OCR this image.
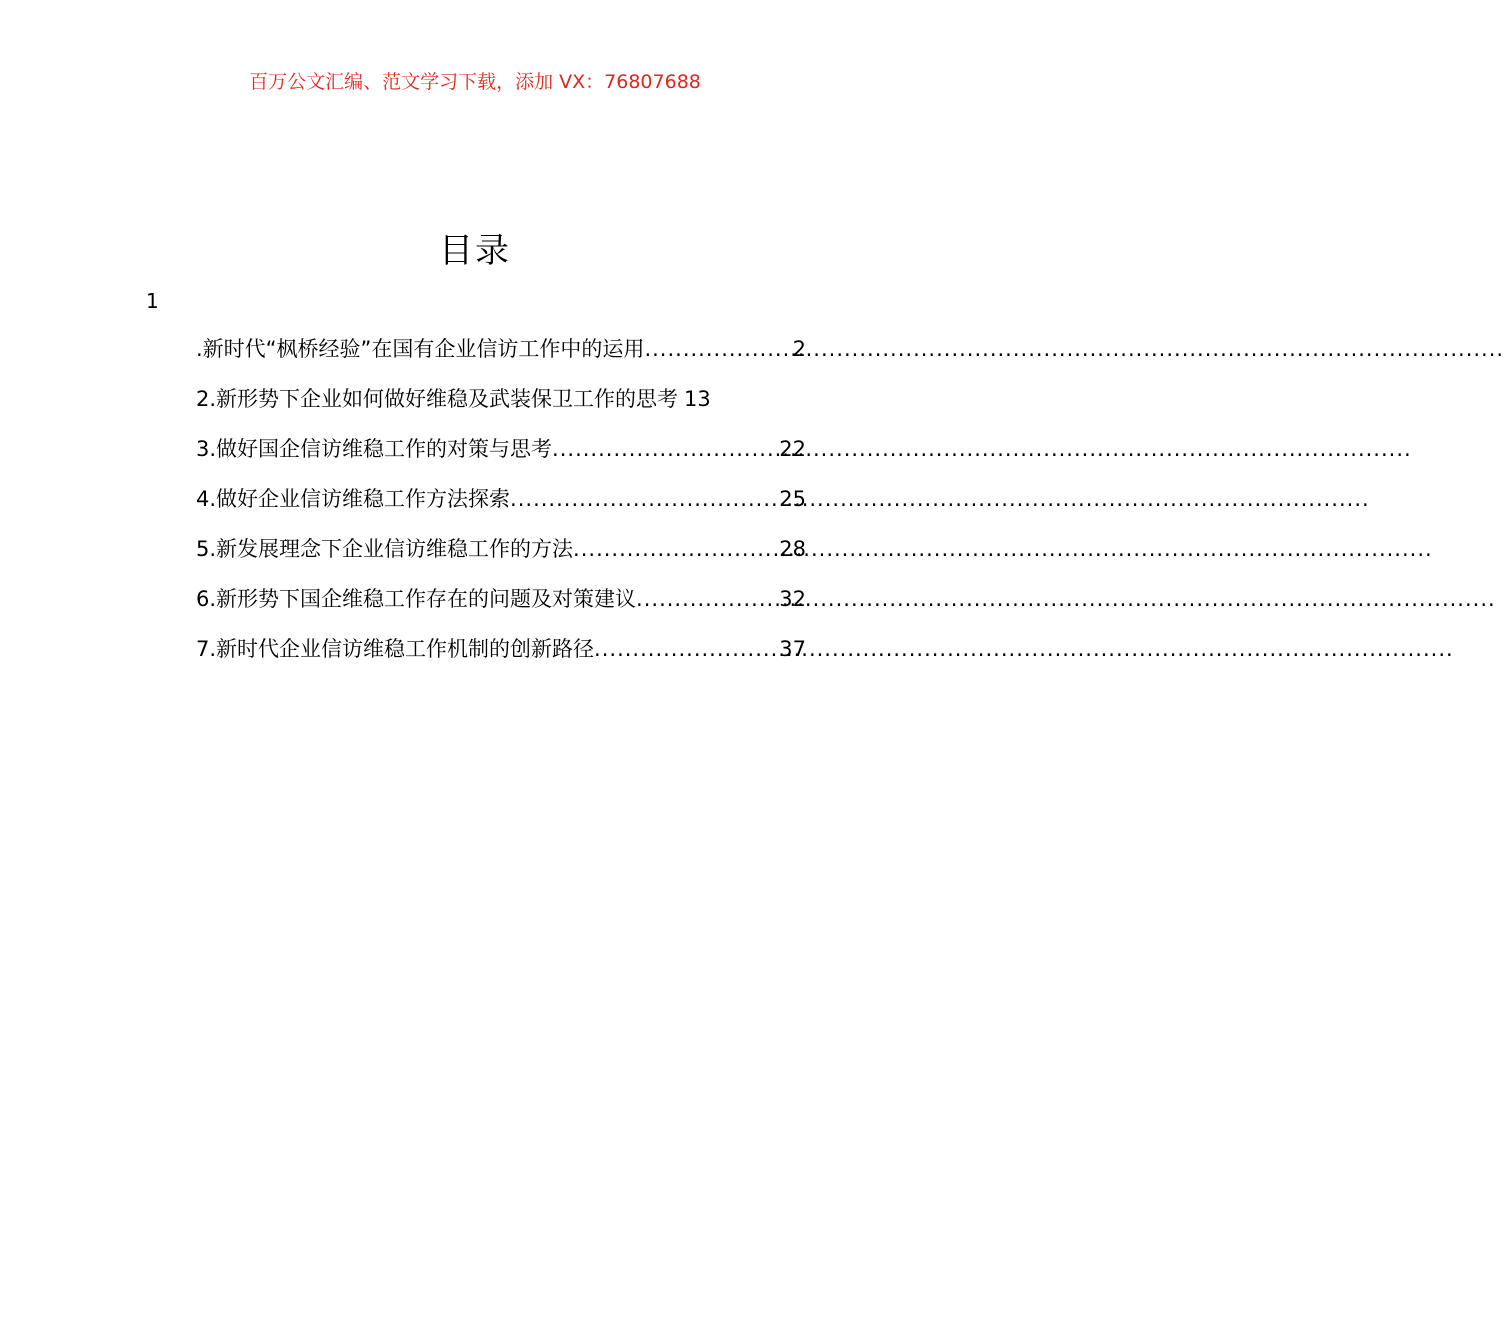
百万公文汇编、范文学习下载，添加 VX：76807688
目录
1
.新时代“枫桥经验”在国有企业信访工作中的运用 .....	2
2.新形势下企业如何做好维稳及武装保卫工作的思考 13
3.做好国企信访维稳工作的对策与思考 .....	22
4.做好企业信访维稳工作方法探索 .....	25
5.新发展理念下企业信访维稳工作的方法 .....	28
6.新形势下国企维稳工作存在的问题及对策建议 .....	32
7.新时代企业信访维稳工作机制的创新路径 .....	37
